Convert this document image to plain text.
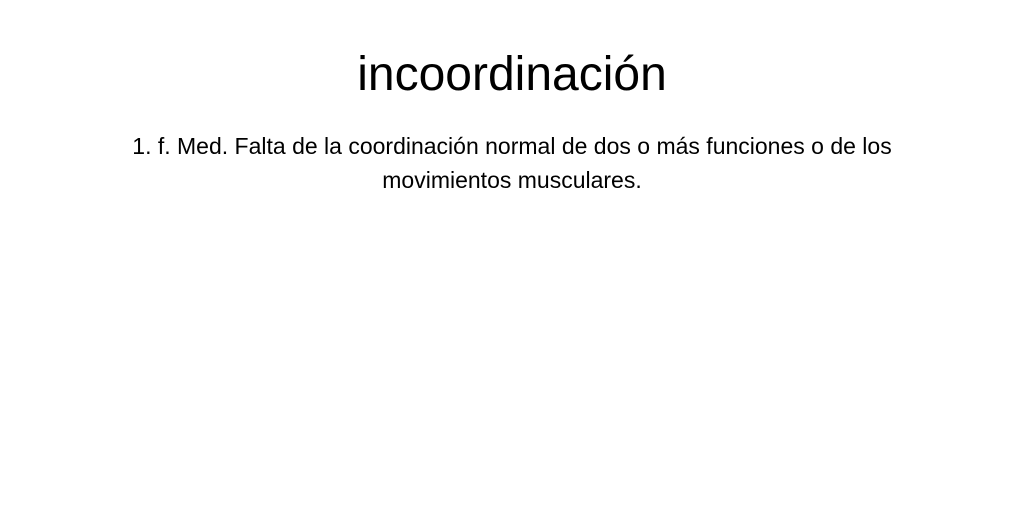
incoordinación

1. f. Med. Falta de la coordinación normal de dos o más funciones o de los movimientos musculares.
